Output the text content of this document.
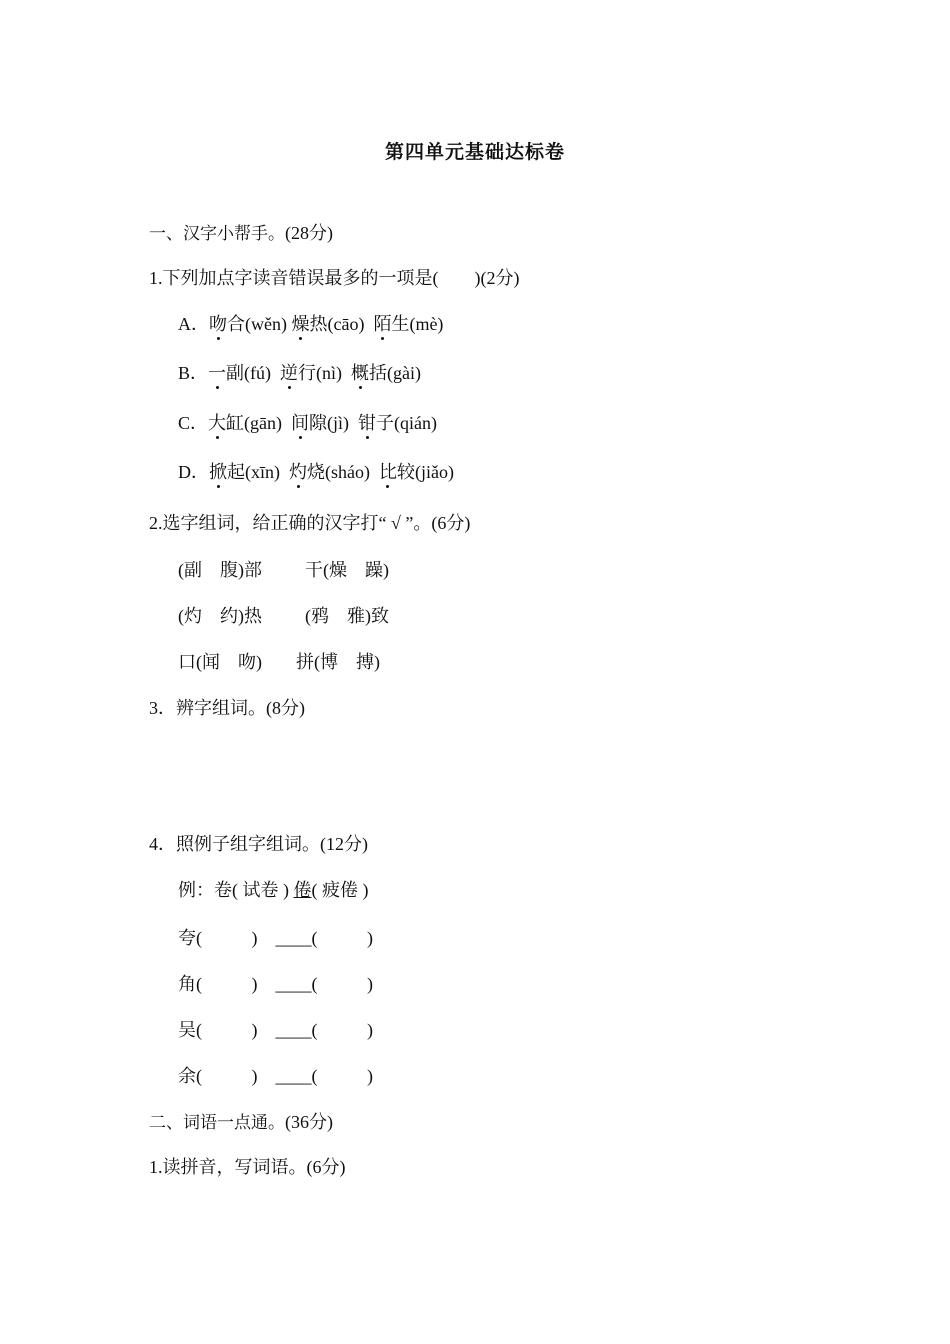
第四单元基础达标卷
一、汉字小帮手。(28分)
1.下列加点字读音错误最多的一项是(        )(2分)
A．吻合(wěn) 燥热(cāo)  陌生(mè)
B．一副(fú)  逆行(nì)  概括(gài)
C．大缸(gān)  间隙(jì)  钳子(qián)
D．掀起(xīn)  灼烧(sháo)  比较(jiǎo)
2.选字组词，给正确的汉字打“ √ ”。(6分)
(副    腹)部 干(燥    躁)
(灼    约)热 (鸦    雅)致
口(闻    吻) 拼(博    搏)
3．辨字组词。(8分)
4．照例子组字组词。(12分)
例：卷( 试卷 ) 倦( 疲倦 )
夸(           )    ____(           )
角(           )    ____(           )
吴(           )    ____(           )
余(           )    ____(           )
二、词语一点通。(36分)
1.读拼音，写词语。(6分)
